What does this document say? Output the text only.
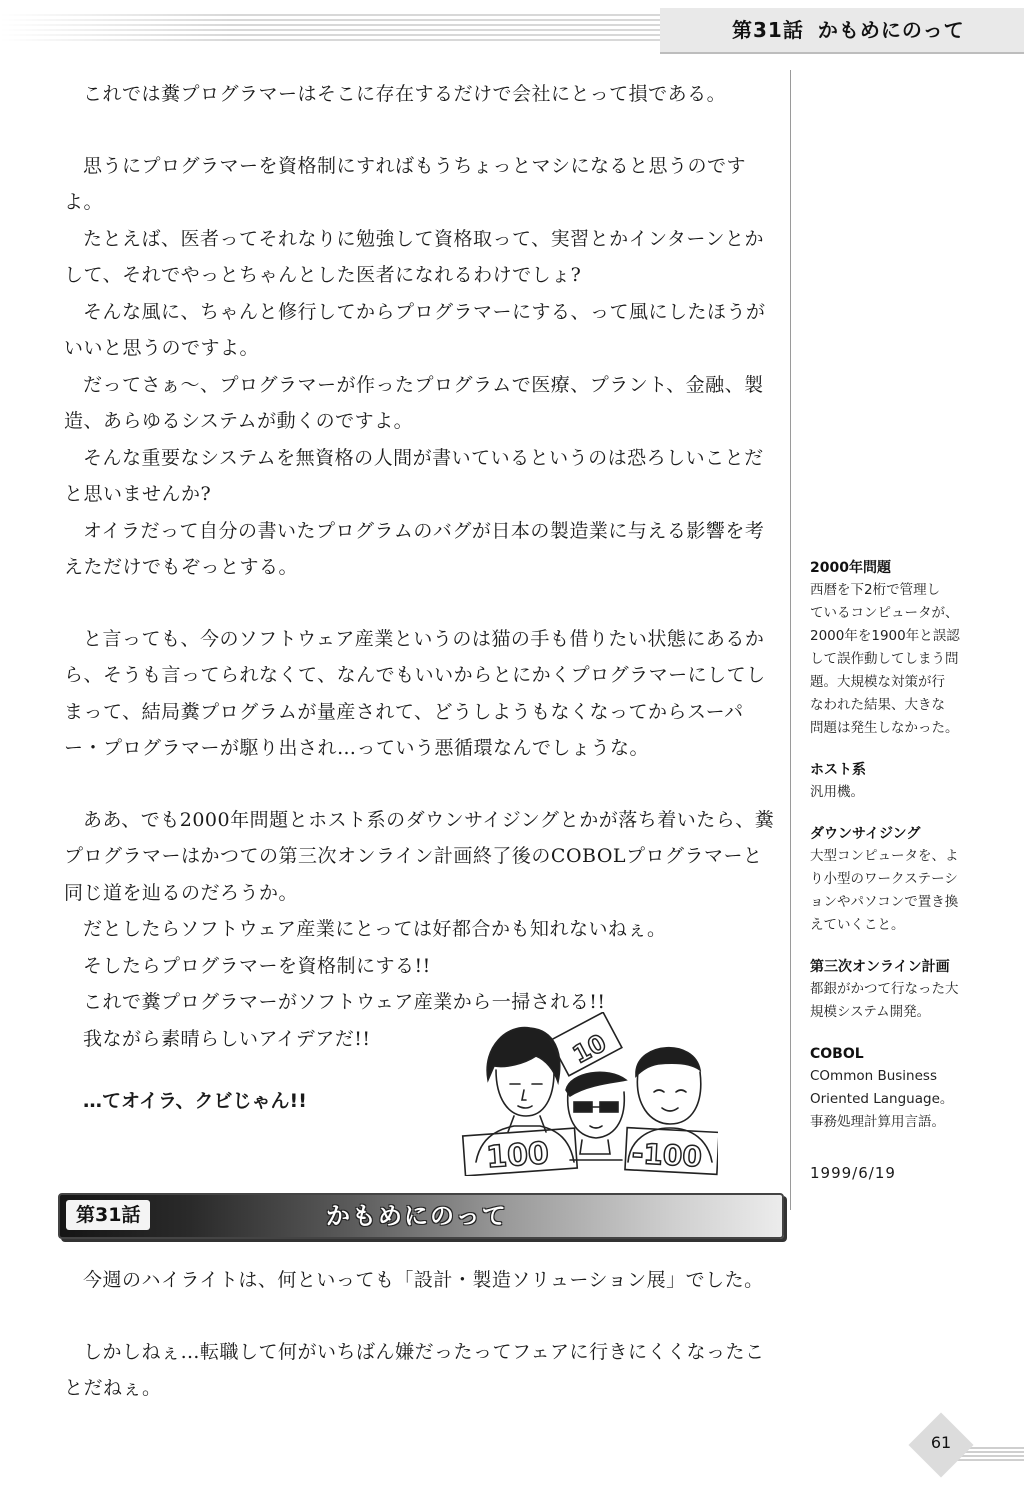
第31話 かもめにのって

これでは糞プログラマーはそこに存在するだけで会社にとって損である。

思うにプログラマーを資格制にすればもうちょっとマシになると思うのですよ。

たとえば、医者ってそれなりに勉強して資格取って、実習とかインターンとかして、それでやっとちゃんとした医者になれるわけでしょ?

そんな風に、ちゃんと修行してからプログラマーにする、って風にしたほうがいいと思うのですよ。

だってさぁ〜、プログラマーが作ったプログラムで医療、プラント、金融、製造、あらゆるシステムが動くのですよ。

そんな重要なシステムを無資格の人間が書いているというのは恐ろしいことだと思いませんか?

オイラだって自分の書いたプログラムのバグが日本の製造業に与える影響を考えただけでもぞっとする。

と言っても、今のソフトウェア産業というのは猫の手も借りたい状態にあるから、そうも言ってられなくて、なんでもいいからとにかくプログラマーにしてしまって、結局糞プログラムが量産されて、どうしようもなくなってからスーパー・プログラマーが駆り出され…っていう悪循環なんでしょうな。

ああ、でも2000年問題とホスト系のダウンサイジングとかが落ち着いたら、糞プログラマーはかつての第三次オンライン計画終了後のCOBOLプログラマーと同じ道を辿るのだろうか。

だとしたらソフトウェア産業にとっては好都合かも知れないねぇ。

そしたらプログラマーを資格制にする!!

これで糞プログラマーがソフトウェア産業から一掃される!!

我ながら素晴らしいアイデアだ!!

…てオイラ、クビじゃん!!

10
100	-100
2000年問題
西暦を下2桁で管理し
ているコンピュータが、
2000年を1900年と誤認
して誤作動してしまう問
題。大規模な対策が行
なわれた結果、大きな
問題は発生しなかった。
ホスト系
汎用機。
ダウンサイジング
大型コンピュータを、よ
り小型のワークステーシ
ョンやパソコンで置き換
えていくこと。
第三次オンライン計画
都銀がかつて行なった大
規模システム開発。
COBOL
COmmon Business
Oriented Language。
事務処理計算用言語。
1999/6/19
第31話	かもめにのって

今週のハイライトは、何といっても「設計・製造ソリューション展」でした。

しかしねぇ…転職して何がいちばん嫌だったってフェアに行きにくくなったことだねぇ。

61
